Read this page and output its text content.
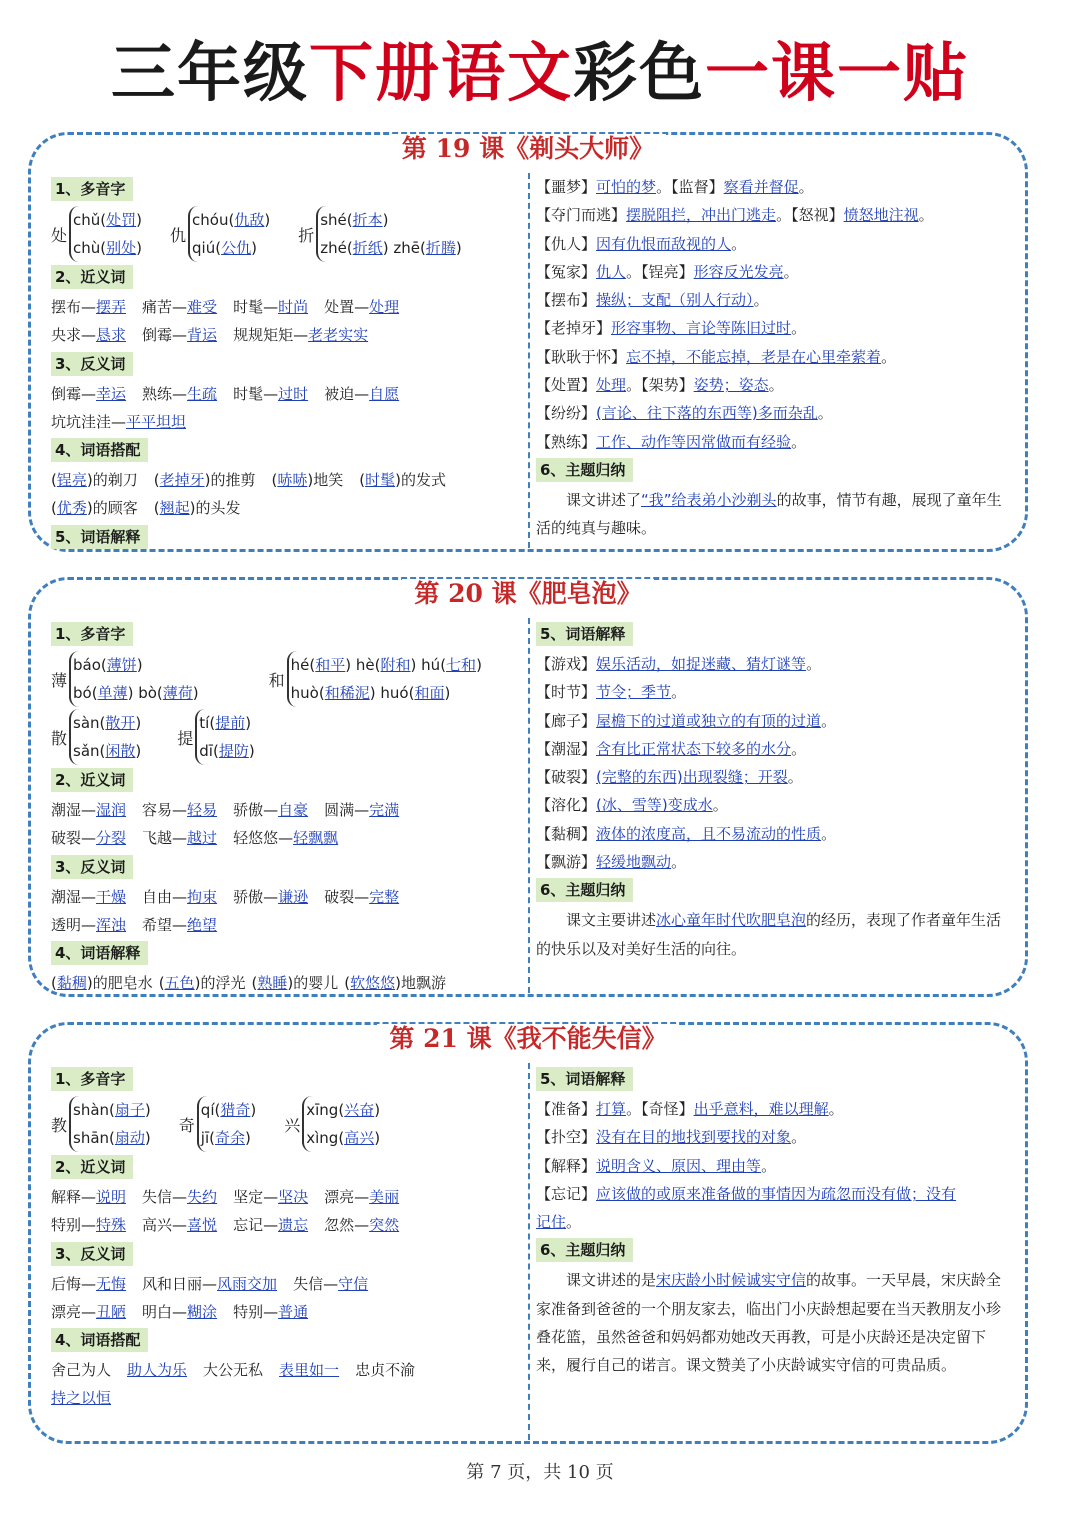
三年级下册语文彩色一课一贴
第 19 课《剃头大师》
1、多音字
处
chǔ(处罚)
chù(别处)
仇
chóu(仇敌)
qiú(公仇)
折
shé(折本)
zhé(折纸) zhē(折腾)
2、近义词
摆布—摆弄 痛苦—难受 时髦—时尚 处置—处理
央求—恳求 倒霉—背运 规规矩矩—老老实实
3、反义词
倒霉—幸运 熟练—生疏 时髦—过时 被迫—自愿
坑坑洼洼—平平坦坦
4、词语搭配
(锃亮)的剃刀 (老掉牙)的推剪 (哧哧)地笑 (时髦)的发式
(优秀)的顾客 (翘起)的头发
5、词语解释
【噩梦】可怕的梦。【监督】察看并督促。
【夺门而逃】摆脱阻拦，冲出门逃走。【怒视】愤怒地注视。
【仇人】因有仇恨而敌视的人。
【冤家】仇人。【锃亮】形容反光发亮。
【摆布】操纵；支配（别人行动）。
【老掉牙】形容事物、言论等陈旧过时。
【耿耿于怀】忘不掉，不能忘掉，老是在心里牵萦着。
【处置】处理。【架势】姿势；姿态。
【纷纷】(言论、往下落的东西等)多而杂乱。
【熟练】工作、动作等因常做而有经验。
6、主题归纳
课文讲述了“我”给表弟小沙剃头的故事，情节有趣，展现了童年生活的纯真与趣味。
第 20 课《肥皂泡》
1、多音字
薄
báo(薄饼)
bó(单薄) bò(薄荷)
和
hé(和平) hè(附和) hú(七和)
huò(和稀泥) huó(和面)
散
sàn(散开)
sǎn(闲散)
提
tí(提前)
dī(提防)
2、近义词
潮湿—湿润 容易—轻易 骄傲—自豪 圆满—完满
破裂—分裂 飞越—越过 轻悠悠—轻飘飘
3、反义词
潮湿—干燥 自由—拘束 骄傲—谦逊 破裂—完整
透明—浑浊 希望—绝望
4、词语解释
(黏稠)的肥皂水 (五色)的浮光 (熟睡)的婴儿 (软悠悠)地飘游
5、词语解释
【游戏】娱乐活动，如捉迷藏、猜灯谜等。
【时节】节令；季节。
【廊子】屋檐下的过道或独立的有顶的过道。
【潮湿】含有比正常状态下较多的水分。
【破裂】(完整的东西)出现裂缝；开裂。
【溶化】(冰、雪等)变成水。
【黏稠】液体的浓度高，且不易流动的性质。
【飘游】轻缓地飘动。
6、主题归纳
课文主要讲述冰心童年时代吹肥皂泡的经历，表现了作者童年生活的快乐以及对美好生活的向往。
第 21 课《我不能失信》
1、多音字
教
shàn(扇子)
shān(扇动)
奇
qí(猎奇)
jī(奇余)
兴
xīng(兴奋)
xìng(高兴)
2、近义词
解释—说明 失信—失约 坚定—坚决 漂亮—美丽
特别—特殊 高兴—喜悦 忘记—遗忘 忽然—突然
3、反义词
后悔—无悔 风和日丽—风雨交加 失信—守信
漂亮—丑陋 明白—糊涂 特别—普通
4、词语搭配
舍己为人 助人为乐 大公无私 表里如一 忠贞不渝
持之以恒
5、词语解释
【准备】打算。【奇怪】出乎意料，难以理解。
【扑空】没有在目的地找到要找的对象。
【解释】说明含义、原因、理由等。
【忘记】应该做的或原来准备做的事情因为疏忽而没有做；没有
记住。
6、主题归纳
课文讲述的是宋庆龄小时候诚实守信的故事。一天早晨，宋庆龄全家准备到爸爸的一个朋友家去，临出门小庆龄想起要在当天教朋友小珍叠花篮，虽然爸爸和妈妈都劝她改天再教，可是小庆龄还是决定留下来，履行自己的诺言。课文赞美了小庆龄诚实守信的可贵品质。
第 7 页，共 10 页
